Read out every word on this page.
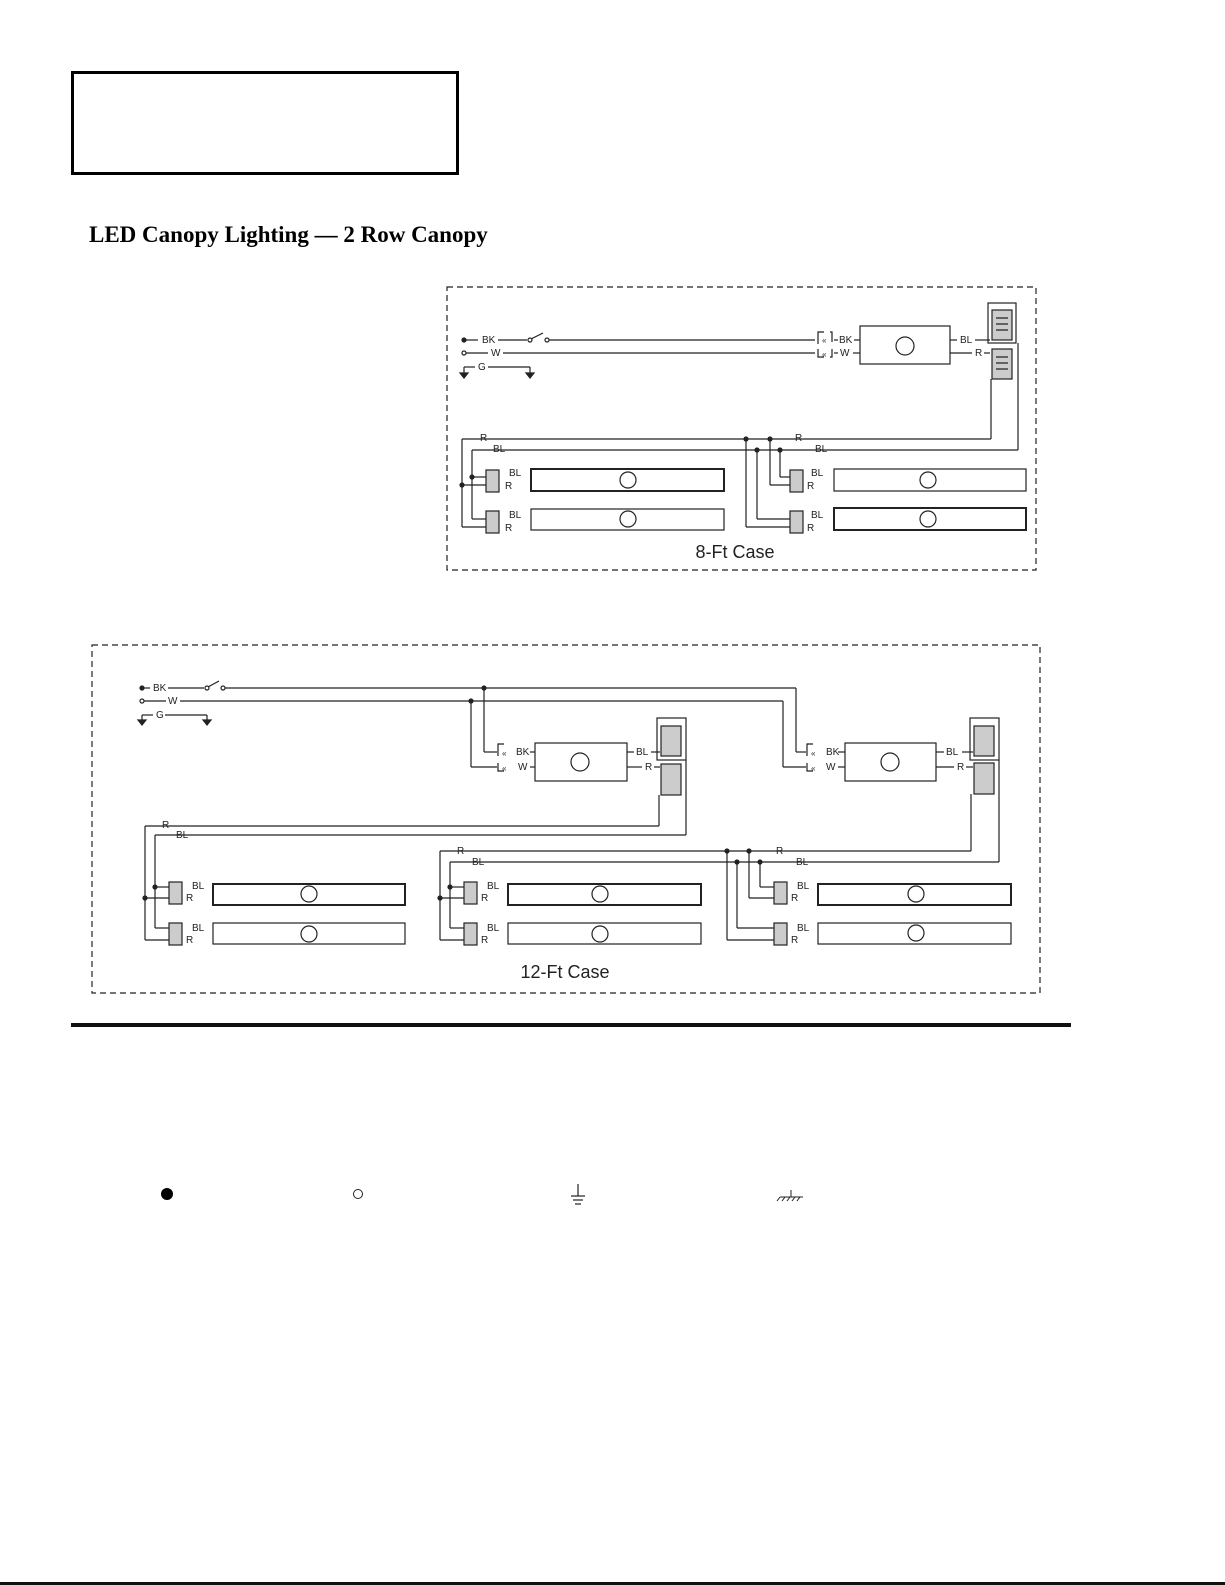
LED Canopy Lighting — 2 Row Canopy
BK
W
G
«
«
BK
W
BL
R
R	R
BL	BL
BL
R
BL
R
BL
R
BL
R
8-Ft Case
BK
W
G
«
«
BK
W
BL
R
«
«
BK
W
BL
R
R
BL
BL
R
BL
R
R	R
BL	BL
BL
R
BL
R
BL
R
BL
R
12-Ft Case
